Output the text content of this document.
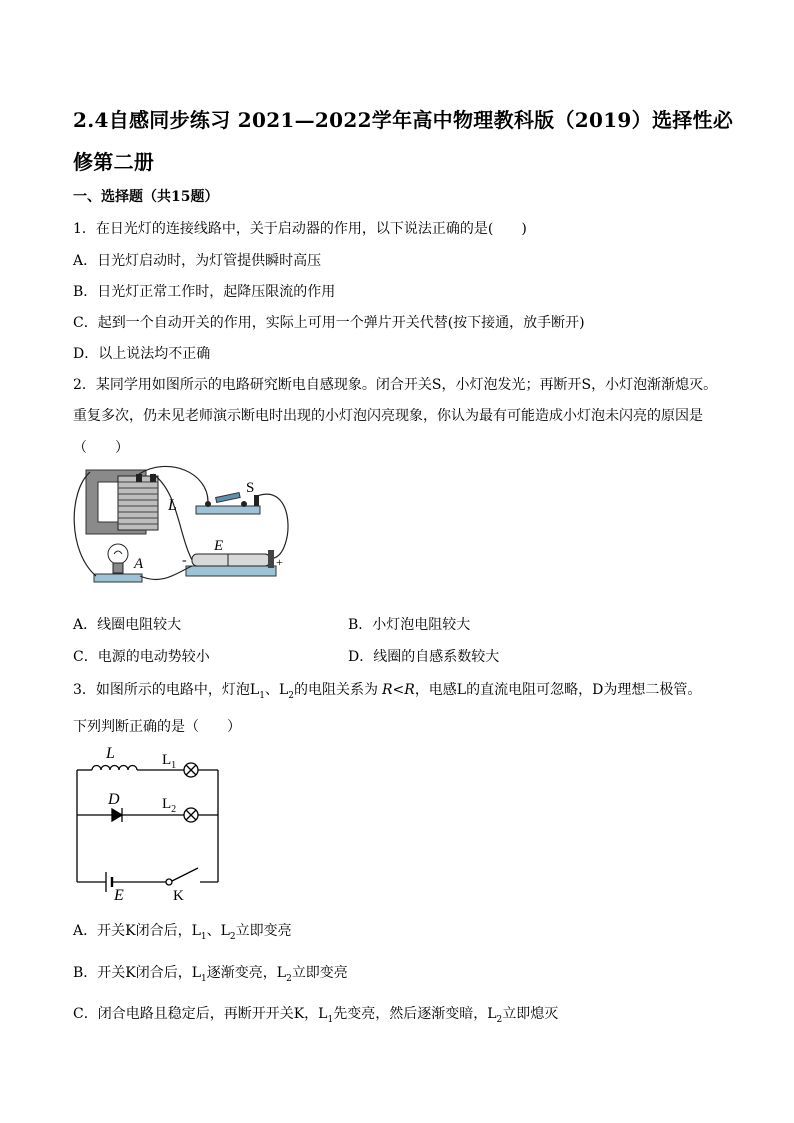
2.4自感同步练习 2021—2022学年高中物理教科版（2019）选择性必
修第二册
一、选择题（共15题）
1．在日光灯的连接线路中，关于启动器的作用，以下说法正确的是(　　)
A．日光灯启动时，为灯管提供瞬时高压
B．日光灯正常工作时，起降压限流的作用
C．起到一个自动开关的作用，实际上可用一个弹片开关代替(按下接通，放手断开)
D．以上说法均不正确
2．某同学用如图所示的电路研究断电自感现象。闭合开关S，小灯泡发光；再断开S，小灯泡渐渐熄灭。
重复多次，仍未见老师演示断电时出现的小灯泡闪亮现象，你认为最有可能造成小灯泡未闪亮的原因是
（　　）
L
S
E
A	-	+
A．线圈电阻较大	B．小灯泡电阻较大
C．电源的电动势较小	D．线圈的自感系数较大
3．如图所示的电路中，灯泡$L_1$、$L_2$的电阻关系为 R<R，电感L的直流电阻可忽略，D为理想二极管。
下列判断正确的是（　　）
L	$L_1$
D	$L_2$
E	K
A．开关K闭合后，$L_1$、$L_2$立即变亮
B．开关K闭合后，$L_1$逐渐变亮，$L_2$立即变亮
C．闭合电路且稳定后，再断开开关K，$L_1$先变亮，然后逐渐变暗，$L_2$立即熄灭
